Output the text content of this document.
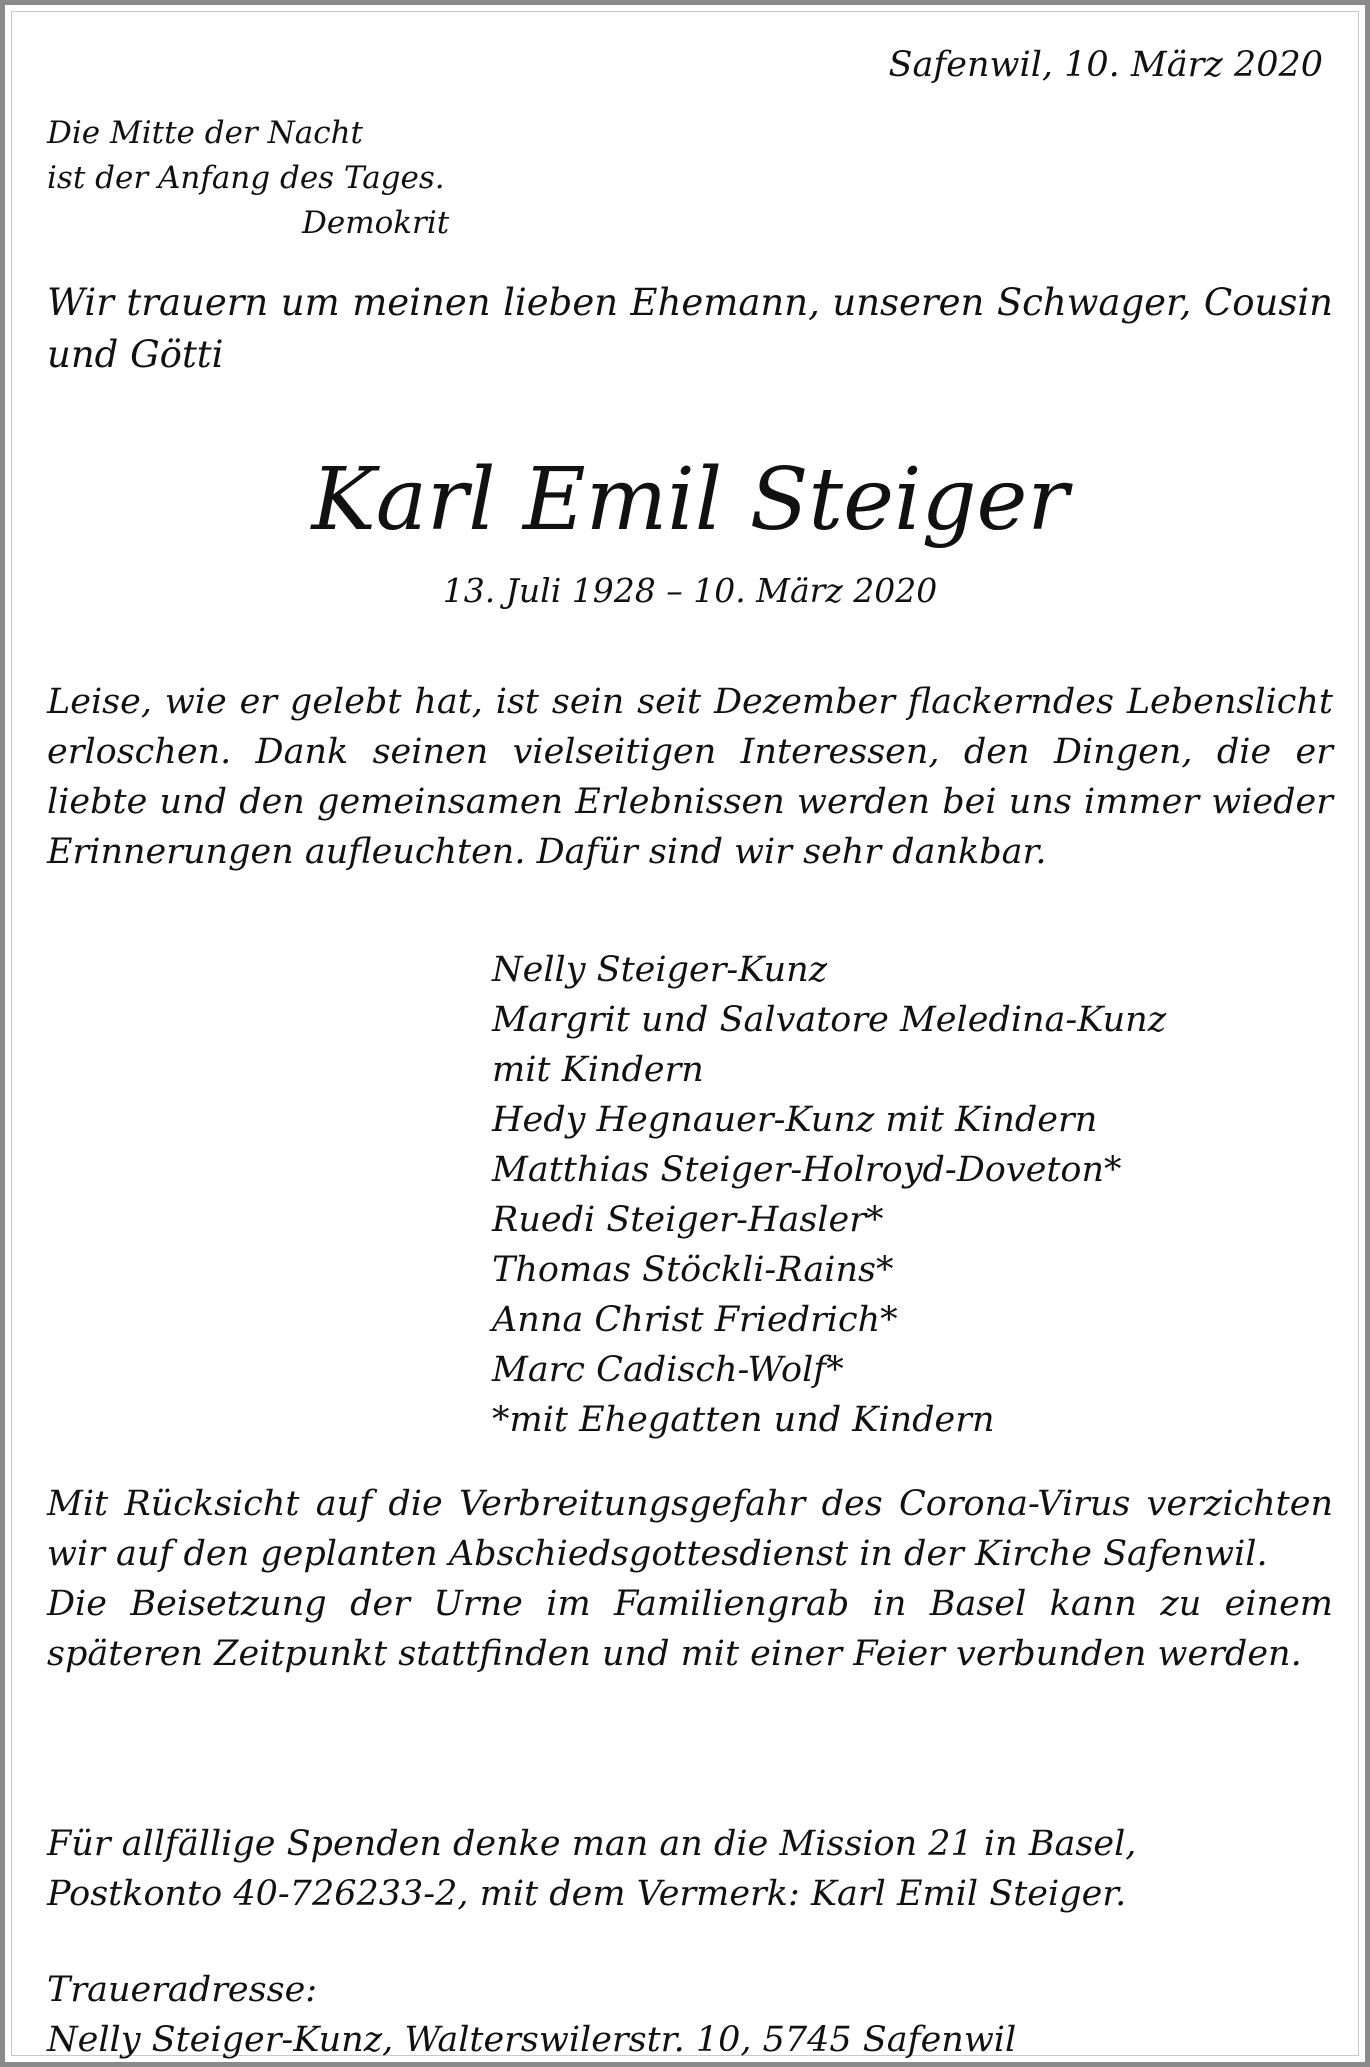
Safenwil, 10. März 2020
Die Mitte der Nacht
ist der Anfang des Tages.
Demokrit
Wir trauern um meinen lieben Ehemann, unseren Schwager, Cousin und Götti
Karl Emil Steiger
13. Juli 1928 – 10. März 2020
Leise, wie er gelebt hat, ist sein seit Dezember flackerndes Lebenslicht erloschen. Dank seinen vielseitigen Interessen, den Dingen, die er liebte und den gemeinsamen Erlebnissen werden bei uns immer wieder Erinnerungen aufleuchten. Dafür sind wir sehr dankbar.
Nelly Steiger-Kunz
Margrit und Salvatore Meledina-Kunz
mit Kindern
Hedy Hegnauer-Kunz mit Kindern
Matthias Steiger-Holroyd-Doveton*
Ruedi Steiger-Hasler*
Thomas Stöckli-Rains*
Anna Christ Friedrich*
Marc Cadisch-Wolf*
*mit Ehegatten und Kindern
Mit Rücksicht auf die Verbreitungsgefahr des Corona-Virus verzichten wir auf den geplanten Abschiedsgottesdienst in der Kirche Safenwil.
Die Beisetzung der Urne im Familiengrab in Basel kann zu einem späteren Zeitpunkt stattfinden und mit einer Feier verbunden werden.
Für allfällige Spenden denke man an die Mission 21 in Basel,
Postkonto 40-726233-2, mit dem Vermerk: Karl Emil Steiger.
Traueradresse:
Nelly Steiger-Kunz, Walterswilerstr. 10, 5745 Safenwil
